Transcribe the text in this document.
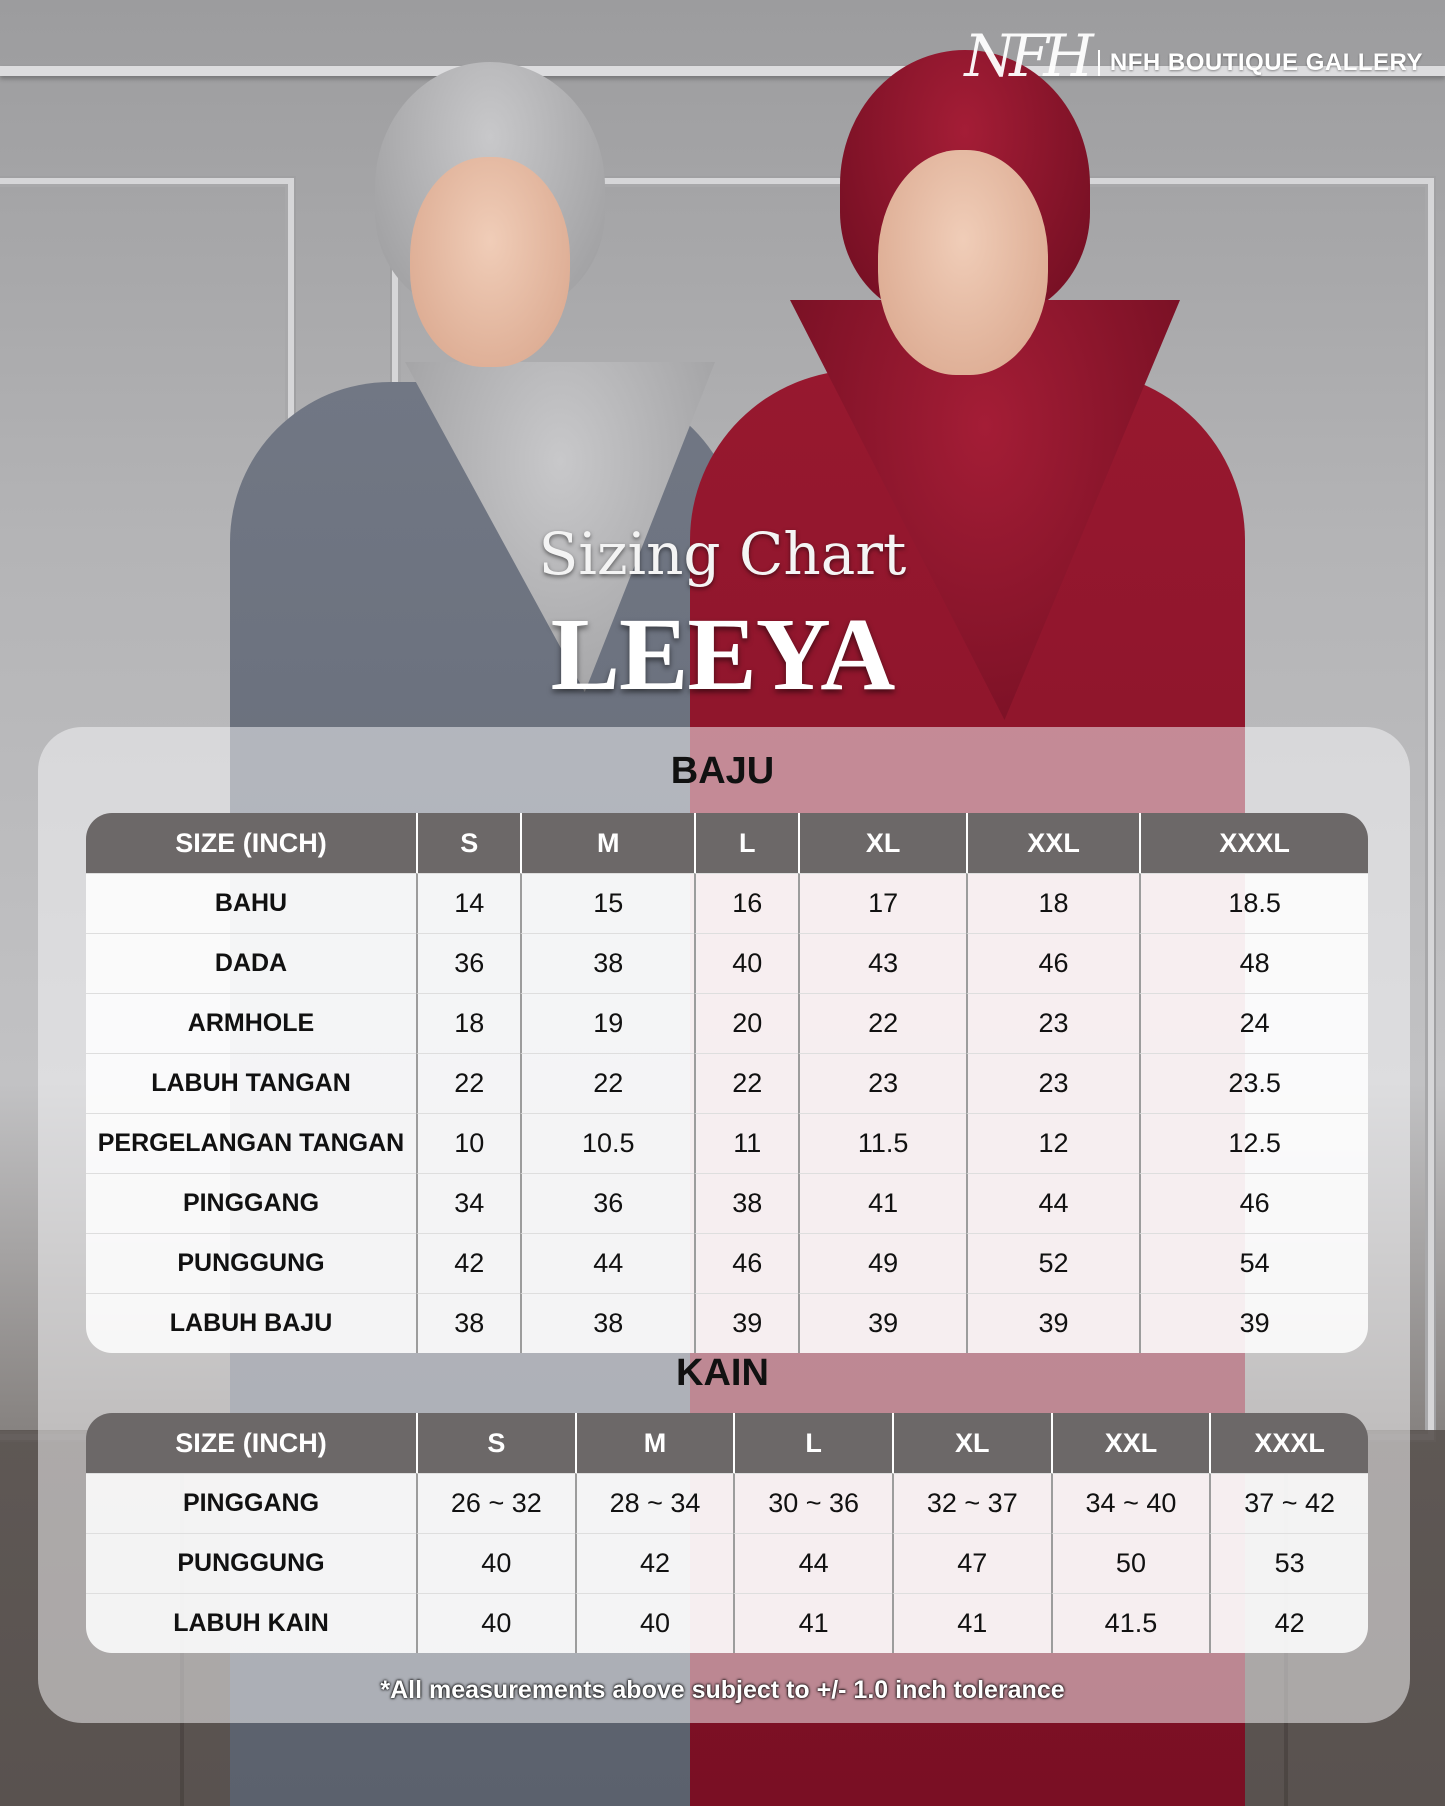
NFH NFH BOUTIQUE GALLERY
Sizing Chart
LEEYA
BAJU
SIZE (INCH)	S	M	L	XL	XXL	XXXL
BAHU	14	15	16	17	18	18.5
DADA	36	38	40	43	46	48
ARMHOLE	18	19	20	22	23	24
LABUH TANGAN	22	22	22	23	23	23.5
PERGELANGAN TANGAN	10	10.5	11	11.5	12	12.5
PINGGANG	34	36	38	41	44	46
PUNGGUNG	42	44	46	49	52	54
LABUH BAJU	38	38	39	39	39	39
KAIN
SIZE (INCH)	S	M	L	XL	XXL	XXXL
PINGGANG	26 ~ 32	28 ~ 34	30 ~ 36	32 ~ 37	34 ~ 40	37 ~ 42
PUNGGUNG	40	42	44	47	50	53
LABUH KAIN	40	40	41	41	41.5	42
*All measurements above subject to +/- 1.0 inch tolerance
